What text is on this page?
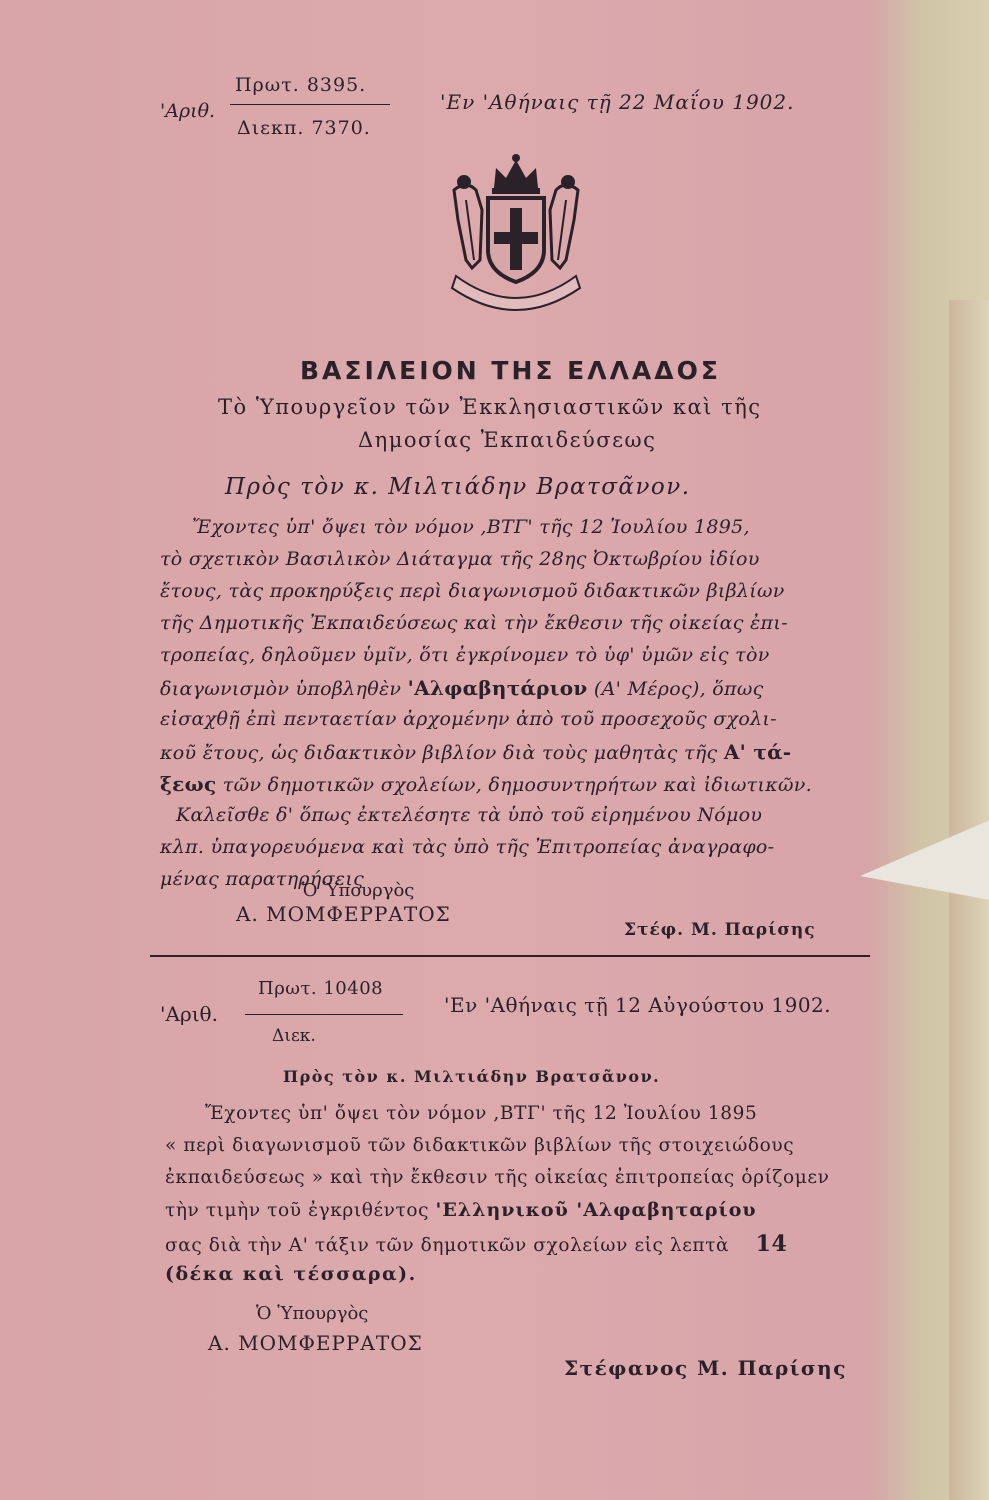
'Αριθ.
Πρωτ. 8395.
Διεκπ. 7370.
'Εν 'Αθήναις τῇ 22 Μαΐου 1902.
ΒΑΣΙΛΕΙΟΝ ΤΗΣ ΕΛΛΑΔΟΣ
Τὸ Ὑπουργεῖον τῶν Ἐκκλησιαστικῶν καὶ τῆς
Δημοσίας Ἐκπαιδεύσεως
Πρὸς τὸν κ. Μιλτιάδην Βρατσᾶνον.
Ἔχοντες ὑπ' ὄψει τὸν νόμον ,ΒΤΓ' τῆς 12 Ἰουλίου 1895,
τὸ σχετικὸν Βασιλικὸν Διάταγμα τῆς 28ης Ὀκτωβρίου ἰδίου
ἔτους, τὰς προκηρύξεις περὶ διαγωνισμοῦ διδακτικῶν βιβλίων
τῆς Δημοτικῆς Ἐκπαιδεύσεως καὶ τὴν ἔκθεσιν τῆς οἰκείας ἐπι-
τροπείας, δηλοῦμεν ὑμῖν, ὅτι ἐγκρίνομεν τὸ ὑφ' ὑμῶν εἰς τὸν
διαγωνισμὸν ὑποβληθὲν 'Αλφαβητάριον (Α' Μέρος), ὅπως
εἰσαχθῇ ἐπὶ πενταετίαν ἀρχομένην ἀπὸ τοῦ προσεχοῦς σχολι-
κοῦ ἔτους, ὡς διδακτικὸν βιβλίον διὰ τοὺς μαθητὰς τῆς Α' τά-
ξεως τῶν δημοτικῶν σχολείων, δημοσυντηρήτων καὶ ἰδιωτικῶν.
Καλεῖσθε δ' ὅπως ἐκτελέσητε τὰ ὑπὸ τοῦ εἰρημένου Νόμου
κλπ. ὑπαγορευόμενα καὶ τὰς ὑπὸ τῆς Ἐπιτροπείας ἀναγραφο-
μένας παρατηρήσεις
Ὁ Ὑπουργὸς
Α. ΜΟΜΦΕΡΡΑΤΟΣ
Στέφ. Μ. Παρίσης
Πρωτ. 10408
'Αριθ.
Διεκ.
'Εν 'Αθήναις τῇ 12 Αὐγούστου 1902.
Πρὸς τὸν κ. Μιλτιάδην Βρατσᾶνον.
Ἔχοντες ὑπ' ὄψει τὸν νόμον ,ΒΤΓ' τῆς 12 Ἰουλίου 1895
« περὶ διαγωνισμοῦ τῶν διδακτικῶν βιβλίων τῆς στοιχειώδους
ἐκπαιδεύσεως » καὶ τὴν ἔκθεσιν τῆς οἰκείας ἐπιτροπείας ὁρίζομεν
τὴν τιμὴν τοῦ ἐγκριθέντος 'Ελληνικοῦ 'Αλφαβηταρίου
σας διὰ τὴν Α' τάξιν τῶν δημοτικῶν σχολείων εἰς λεπτὰ 14
(δέκα καὶ τέσσαρα).
Ὁ Ὑπουργὸς
Α. ΜΟΜΦΕΡΡΑΤΟΣ
Στέφανος Μ. Παρίσης
